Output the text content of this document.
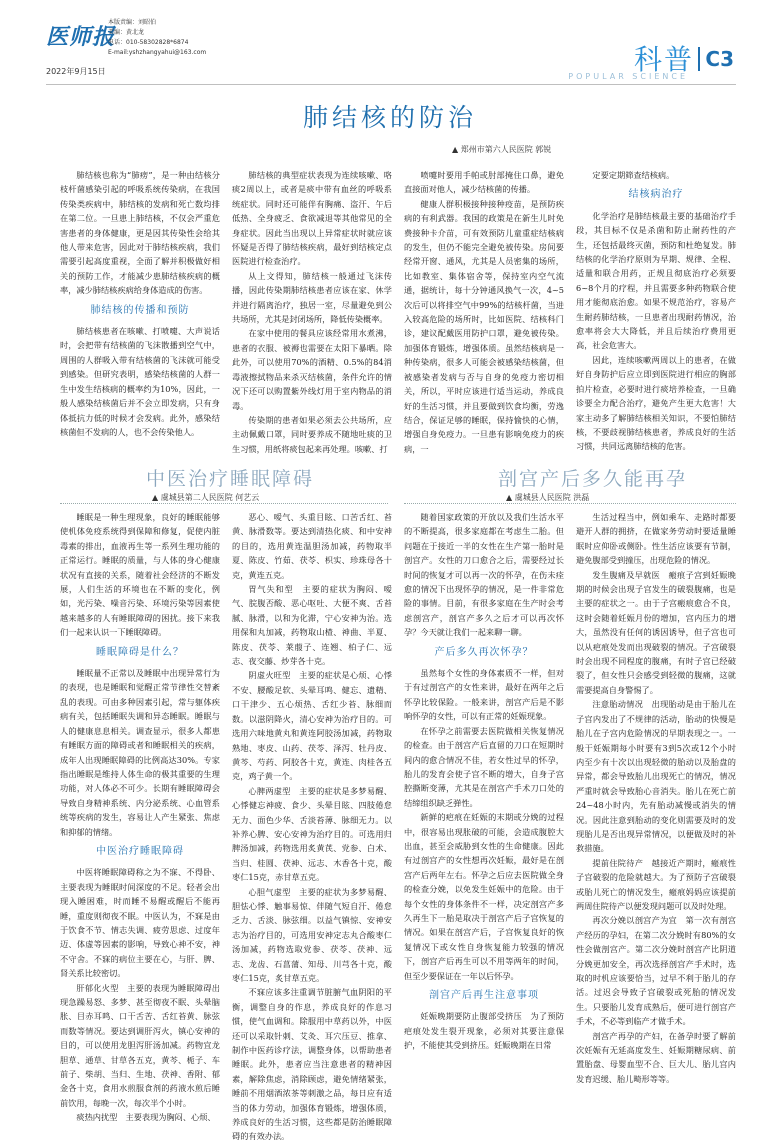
医师报
本版责编：刘昭伯
美编：黄北龙
电话：010-58302828*6874
E-mail:yshzhangyahui@163.com
2022年9月15日	科普
POPULAR SCIENCE
C3
肺结核的防治
▲ 郑州市第六人民医院 郭锐

肺结核也称为“肺痨”，是一种由结核分枝杆菌感染引起的呼吸系统传染病，在我国传染类疾病中，肺结核的发病和死亡数均排在第二位。一旦患上肺结核，不仅会严重危害患者的身体健康，更是因其传染性会给其他人带来危害，因此对于肺结核疾病，我们需要引起高度重视，全面了解并积极做好相关的预防工作，才能减少患肺结核疾病的概率，减少肺结核疾病给身体造成的伤害。

肺结核的传播和预防

肺结核患者在咳嗽、打喷嚏、大声说话时，会把带有结核菌的飞沫散播到空气中，周围的人群吸入带有结核菌的飞沫就可能受到感染。但研究表明，感染结核菌的人群一生中发生结核病的概率约为10%，因此，一般人感染结核菌后并不会立即发病，只有身体抵抗力低的时候才会发病。此外，感染结核菌但不发病的人，也不会传染他人。

肺结核的典型症状表现为连续咳嗽、咯痰2周以上，或者是痰中带有血丝的呼吸系统症状。同时还可能伴有胸痛、盗汗、午后低热、全身疲乏、食欲减退等其他常见的全身症状。因此当出现以上异常症状时就应该怀疑是否得了肺结核疾病，最好到结核定点医院进行检查治疗。

从上文得知，肺结核一般通过飞沫传播，因此传染期肺结核患者应该在家、休学并进行隔离治疗，独居一室，尽量避免到公共场所，尤其是封闭场所，降低传染概率。

在家中使用的餐具应该经常用水煮沸，患者的衣服、被褥也需要在太阳下暴晒。除此外，可以使用70%的酒精、0.5%的84消毒液擦拭物品来杀灭结核菌，条件允许的情况下还可以购置紫外线灯用于室内物品的消毒。

传染期的患者如果必须去公共场所，应主动佩戴口罩，同时要养成不随地吐痰的卫生习惯，用纸将痰包起来再处理。咳嗽、打

喷嚏时要用手帕或肘部掩住口鼻，避免直接面对他人，减少结核菌的传播。

健康人群积极接种接种疫苗，是预防疾病的有利武器。我国的政策是在新生儿时免费接种卡介苗，可有效预防儿童重症结核病的发生，但仍不能完全避免被传染。房间要经常开窗、通风，尤其是人员密集的场所，比如教室、集体宿舍等，保持室内空气流通，据统计，每十分钟通风换气一次，4~5次后可以将排空气中99%的结核杆菌，当进入较高危险的场所时，比如医院、结核科门诊，建议配戴医用防护口罩，避免被传染。加强体育锻炼，增强体质。虽然结核病是一种传染病，很多人可能会被感染结核菌，但被感染者发病与否与自身的免疫力密切相关，所以，平时应该进行适当运动，养成良好的生活习惯，并且要做到饮食均衡，劳逸结合，保证足够的睡眠，保持愉快的心情，增强自身免疫力。一旦患有影响免疫力的疾病，一

定要定期筛查结核病。

结核病治疗

化学治疗是肺结核最主要的基础治疗手段，其目标不仅是杀菌和防止耐药性的产生，还包括最终灭菌，预防和杜绝复发。肺结核的化学治疗原则为早期、规律、全程、适量和联合用药，正规且彻底治疗必须要6~8个月的疗程，并且需要多种药物联合使用才能彻底治愈。如果不规范治疗，容易产生耐药肺结核，一旦患者出现耐药情况，治愈率将会大大降低，并且后续治疗费用更高，社会危害大。

因此，连续咳嗽两周以上的患者，在做好自身防护后应立即到医院进行相应的胸部拍片检查，必要时进行痰培养检查，一旦确诊要全力配合治疗，避免产生更大危害！大家主动多了解肺结核相关知识，不要怕肺结核，不要歧视肺结核患者，养成良好的生活习惯，共同远离肺结核的危害。

中医治疗睡眠障碍
▲ 虞城县第二人民医院 何艺云

睡眠是一种生理现象，良好的睡眠能够使机体免疫系统得到保障和修复，促使内脏毒素的排出，血液再生等一系列生理功能的正常运行。睡眠的质量，与人体的身心健康状况有直接的关系，随着社会经济的不断发展，人们生活的环境也在不断的变化，例如，光污染、噪音污染、环境污染等因素使越来越多的人有睡眠障碍的困扰。接下来我们一起来认识一下睡眠障碍。

睡眠障碍是什么？

睡眠量不正常以及睡眠中出现异常行为的表现，也是睡眠和觉醒正常节律性交替紊乱的表现。可由多种因素引起，常与躯体疾病有关，包括睡眠失调和异态睡眠。睡眠与人的健康息息相关。调查显示，很多人都患有睡眠方面的障碍或者和睡眠相关的疾病，成年人出现睡眠障碍的比例高达30%。专家指出睡眠是维持人体生命的极其重要的生理功能，对人体必不可少。长期有睡眠障碍会导致自身精神系统、内分泌系统、心血管系统等疾病的发生，容易让人产生紧张、焦虑和抑郁的情绪。

中医治疗睡眠障碍

中医将睡眠障碍称之为不寐、不得卧、主要表现为睡眠时间深度的不足。轻者会出现入睡困难，时而睡不易醒或醒后不能再睡，重度则彻夜不眠。中医认为，不寐是由于饮食不节、情志失调、疲劳思虑、过度年迈、体虚等因素的影响，导致心神不安，神不守舍。不寐的病位主要在心，与肝、脾、肾关系比较密切。

肝郁化火型　主要的表现为睡眠障碍出现急躁易怒、多梦、甚至彻夜不眠、头晕脑胀、目赤耳鸣、口干舌苦、舌红苔黄、脉弦而数等情况。要达到调肝泻火，镇心安神的目的，可以使用龙胆泻肝汤加减。药物宜龙胆草、通草、甘草各五克，黄芩、栀子、车前子、柴胡、当归、生地、茯神、香附、郁金各十克，食用水煎服食剂的药液水煎后睡前饮用，每晚一次，每次半个小时。

痰热内扰型　主要表现为胸闷、心烦、

恶心、嗳气、头重目眩、口苦舌红、苔黄、脉滑数等。要达到清热化痰、和中安神的目的，选用黄连温胆汤加减，药物取半夏、陈皮、竹茹、茯苓、枳实、珍珠母各十克，黄连五克。

胃气失和型　主要的症状为胸闷、嗳气、脘腹否酸、恶心呕吐、大便不爽、舌苔腻、脉滑，以和为化滞，宁心安神为治。选用保和丸加减，药物取山楂、神曲、半夏、陈皮、茯苓、莱菔子、连翘、柏子仁、远志、夜交藤、炒芽各十克。

阴虚火旺型　主要的症状是心烦、心悸不安、腰酸足软、头晕耳鸣、健忘、遗精、口干津少、五心烦热、舌红少苔、脉细而数。以滋阴降火，清心安神为治疗目的。可选用六味地黄丸和黄连阿胶汤加减，药物取熟地、枣皮、山药、茯苓、泽泻、牡丹皮、黄芩、芍药、阿胶各十克，黄连、肉桂各五克，鸡子黄一个。

心脾两虚型　主要的症状是多梦易醒、心悸健忘神疲、食少、头晕目眩、四肢倦怠无力、面色少华、舌淡苔薄、脉细无力。以补养心脾、安心安神为治疗目的。可选用归脾汤加减，药物选用炙黄芪、党参、白术、当归、桂圆、茯神、远志、木香各十克，酸枣仁15克，赤甘草五克。

心胆气虚型　主要的症状为多梦易醒、胆怯心悸、触事易惊、伴随气短自汗、倦怠乏力、舌淡、脉弦细。以益气镇惊、安神安志为治疗目的，可选用安神定志丸合酸枣仁汤加减，药物选取党参、茯苓、茯神、远志、龙齿、石菖蒲、知母、川芎各十克，酸枣仁15克，炙甘草五克。

不寐应该多注重调节脏腑气血阴阳的平衡，调整自身的作息，养成良好的作息习惯，使气血调和。除服用中草药以外，中医还可以采取针刺、艾灸、耳穴压豆、推拿、制作中医药诊疗法，调整身体，以帮助患者睡眠。此外，患者应当注意患者的精神因素，解除焦虑，消除顾虑，避免情绪紧张，睡前不用烟酒浓茶等刺激之品，每日应有适当的体力劳动，加强体育锻炼，增强体质，养成良好的生活习惯，这些都是防治睡眠障碍的有效办法。

剖宫产后多久能再孕
▲ 虞城县人民医院 洪磊

随着国家政策的开放以及我们生活水平的不断提高，很多家庭都在考虑生二胎。但问题在于接近一半的女性在生产第一胎时是剖宫产。女性的刀口愈合之后，需要经过长时间的恢复才可以再一次的怀孕，在伤未痊愈的情况下出现怀孕的情况，是一件非常危险的事情。目前，有很多家庭在生产时会考虑剖宫产，剖宫产多久之后才可以再次怀孕？今天就让我们一起来聊一聊。

产后多久再次怀孕？

虽然每个女性的身体素质不一样，但对于有过剖宫产的女性来讲，最好在两年之后怀孕比较保险。一般来讲，剖宫产后是不影响怀孕的女性，可以有正常的妊娠现象。

在怀孕之前需要去医院做相关恢复情况的检查。由于剖宫产后直留的刀口在短期时间内的愈合情况不佳，若女性过早的怀孕，胎儿的发育会使子宫不断的增大，自身子宫腔撕断变薄，尤其是在剖宫产手术刀口处的结缔组织缺乏弹性。

新鲜的疤痕在妊娠的末期或分娩的过程中，很容易出现胀破的可能，会造成腹腔大出血，甚至会威胁到女性的生命健康。因此有过剖宫产的女性想再次妊娠，最好是在剖宫产后两年左右。怀孕之后应去医院做全身的检查分娩，以免发生妊娠中的危险。由于每个女性的身体条件不一样，决定剖宫产多久再生下一胎是取决于剖宫产后子宫恢复的情况。如果在剖宫产后，子宫恢复良好的恢复情况下或女性自身恢复能力较强的情况下，剖宫产后再生可以不用等两年的时间，但至少要保证在一年以后怀孕。

剖宫产后再生注意事项

妊娠晚期要防止腹部受挤压　为了预防疤痕处发生裂开现象，必须对其要注意保护，不能使其受到挤压。妊娠晚期在日常

生活过程当中，例如乘车、走路时都要避开人群的拥挤，在做家务劳动时要适量睡眠时应仰卧或侧卧。性生活应该要有节制，避免腹部受到撞压，出现危险的情况。

发生腹痛及早就医　瘢痕子宫到妊娠晚期的时候会出现子宫发生的破裂腹痛，也是主要的症状之一。由于子宫瘢痕愈合不良，这时会随着妊娠月份的增加，宫内压力的增大，虽然没有任何的诱因诱导，但子宫也可以从疤痕处发而出现破裂的情况。子宫破裂时会出现不同程度的腹痛，有时子宫已经破裂了，但女性只会感受到轻微的腹痛，这就需要提高自身警惕了。

注意胎动情况　出现胎动是由于胎儿在子宫内发出了不规律的活动，胎动的快慢是胎儿在子宫内危险情况的早期表现之一。一般于妊娠期每小时要有3到5次或12个小时内至少有十次以出现轻微的胎动以及胎盘的异常，都会导致胎儿出现死亡的情况，情况严重时就会导致胎心音消失。胎儿在死亡前24~48小时内，先有胎动减慢或消失的情况。因此注意到胎动的变化则需要及时的发现胎儿是否出现异常情况，以便做及时的补救措施。

提前住院待产　越接近产期时，瘢痕性子宫破裂的危险就越大。为了预防子宫破裂或胎儿死亡的情况发生，瘢痕妈妈应该提前两周住院待产以便发现问题可以及时处理。

再次分娩以剖宫产为宜　第一次有剖宫产经历的孕妇，在第二次分娩时有80%的女性会做剖宫产。第二次分娩时剖宫产比阴道分娩更加安全，再次选择剖宫产手术时，选取的时机应该要恰当，过早不利于胎儿的存活。过迟会导致子宫破裂或死胎的情况发生。只要胎儿发育成熟后，便可进行剖宫产手术，不必等到临产才做手术。

剖宫产再孕的产妇，在备孕时要了解前次妊娠有无延高度发生、妊娠期糖尿病、前置胎盘、母婴血型不合、巨大儿、胎儿宫内发育迟缓、胎儿畸形等等。
